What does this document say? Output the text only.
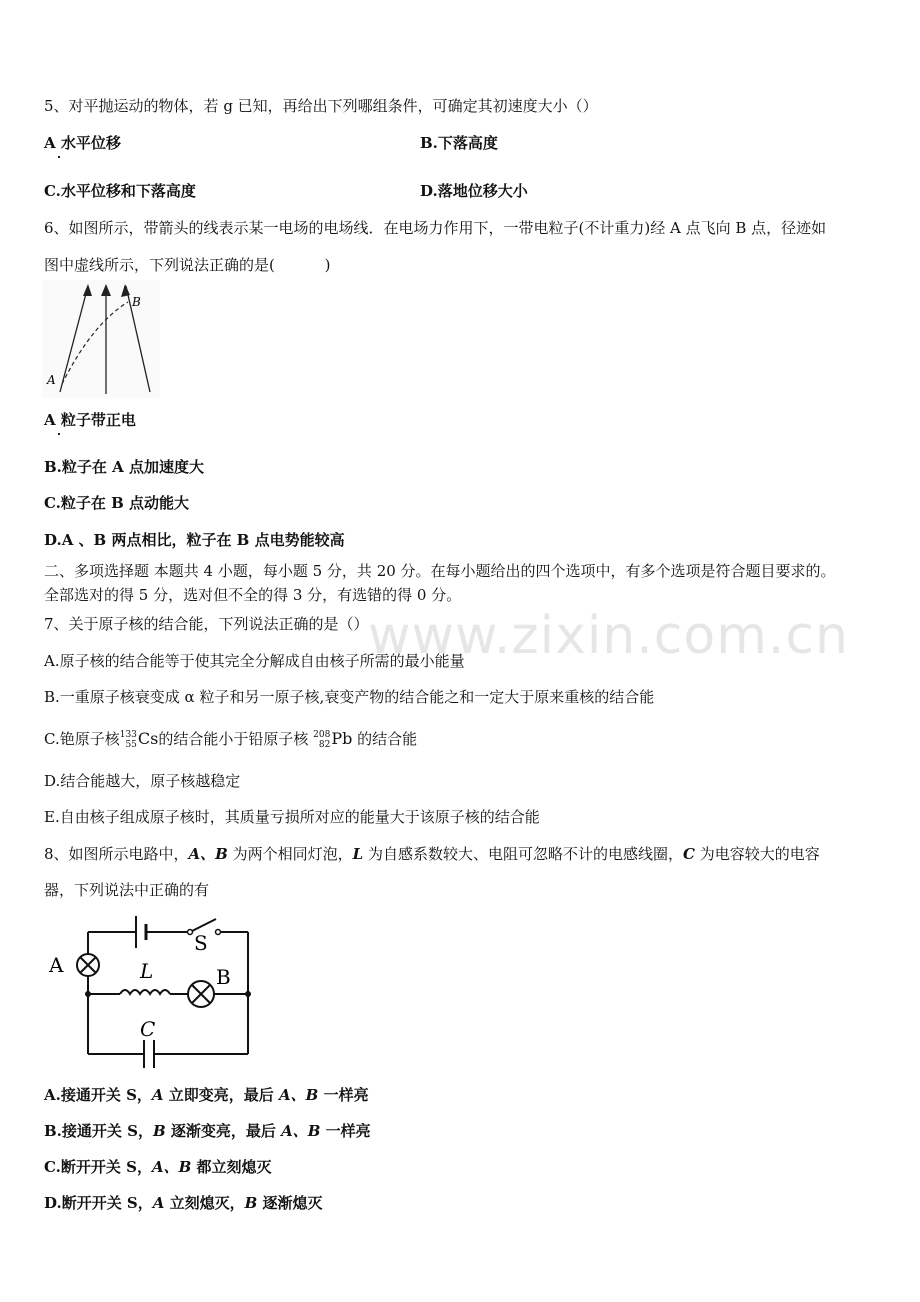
www.zixin.com.cn
5、对平抛运动的物体，若 g 已知，再给出下列哪组条件，可确定其初速度大小（）
A 水平位移	B.下落高度
C.水平位移和下落高度	D.落地位移大小
6、如图所示，带箭头的线表示某一电场的电场线．在电场力作用下，一带电粒子(不计重力)经 A 点飞向 B 点，径迹如
图中虚线所示，下列说法正确的是(　　　 )
A
B
A 粒子带正电
B.粒子在 A 点加速度大
C.粒子在 B 点动能大
D.A 、B 两点相比，粒子在 B 点电势能较高
二、多项选择题 本题共 4 小题，每小题 5 分，共 20 分。在每小题给出的四个选项中，有多个选项是符合题目要求的。
全部选对的得 5 分，选对但不全的得 3 分，有选错的得 0 分。
7、关于原子核的结合能，下列说法正确的是（）
A.原子核的结合能等于使其完全分解成自由核子所需的最小能量
B.一重原子核衰变成 α 粒子和另一原子核,衰变产物的结合能之和一定大于原来重核的结合能
C.铯原子核133
55Cs的结合能小于铅原子核 208
82Pb 的结合能
D.结合能越大，原子核越稳定
E.自由核子组成原子核时，其质量亏损所对应的能量大于该原子核的结合能
8、如图所示电路中，A、B 为两个相同灯泡，L 为自感系数较大、电阻可忽略不计的电感线圈，C 为电容较大的电容
器，下列说法中正确的有
A	B
L
C
S
A.接通开关 S，A 立即变亮，最后 A、B 一样亮
B.接通开关 S，B 逐渐变亮，最后 A、B 一样亮
C.断开开关 S，A、B 都立刻熄灭
D.断开开关 S，A 立刻熄灭，B 逐渐熄灭
